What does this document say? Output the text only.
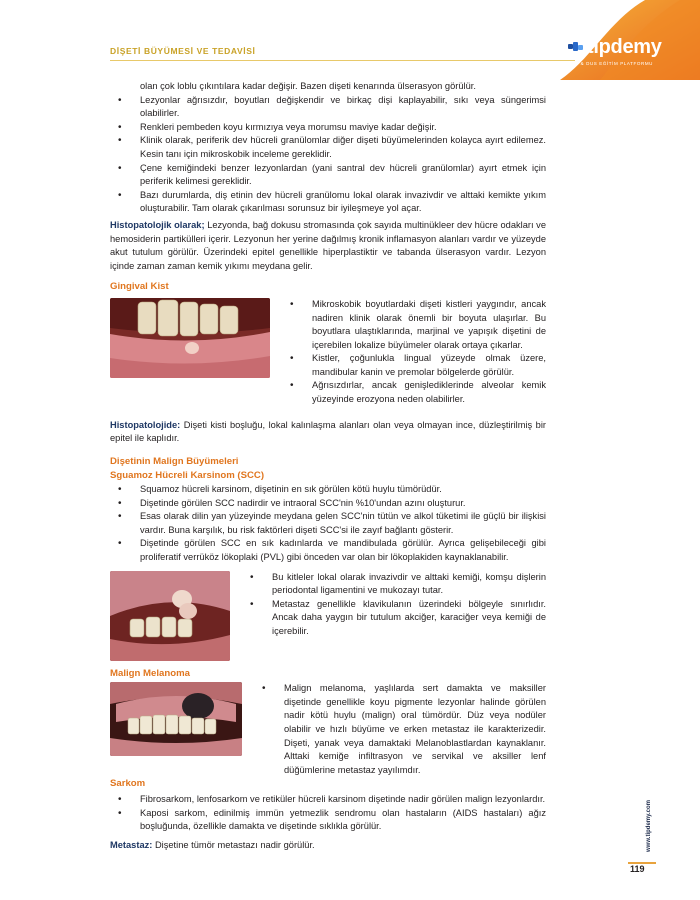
tıpdemy
TUS & DUS EĞİTİM PLATFORMU
DİŞETİ BÜYÜMESİ VE TEDAVİSİ

olan çok loblu çıkıntılara kadar değişir. Bazen dişeti kenarında ülserasyon görülür.

• Lezyonlar ağrısızdır, boyutları değişkendir ve birkaç dişi kaplayabilir, sıkı veya süngerimsi olabilirler.
• Renkleri pembeden koyu kırmızıya veya morumsu maviye kadar değişir.
• Klinik olarak, periferik dev hücreli granülomlar diğer dişeti büyümelerinden kolayca ayırt edilemez. Kesin tanı için mikroskobik inceleme gereklidir.
• Çene kemiğindeki benzer lezyonlardan (yani santral dev hücreli granülomlar) ayırt etmek için periferik kelimesi gereklidir.
• Bazı durumlarda, diş etinin dev hücreli granülomu lokal olarak invazivdir ve alttaki kemikte yıkım oluşturabilir. Tam olarak çıkarılması sorunsuz bir iyileşmeye yol açar.

Histopatolojik olarak; Lezyonda, bağ dokusu stromasında çok sayıda multinükleer dev hücre odakları ve hemosiderin partikülleri içerir. Lezyonun her yerine dağılmış kronik inflamasyon alanları vardır ve yüzeyde akut tutulum görülür. Üzerindeki epitel genellikle hiperplastiktir ve tabanda ülserasyon vardır. Lezyon içinde zaman zaman kemik yıkımı meydana gelir.

Gingival Kist
• Mikroskobik boyutlardaki dişeti kistleri yaygındır, ancak nadiren klinik olarak önemli bir boyuta ulaşırlar. Bu boyutlara ulaştıklarında, marjinal ve yapışık dişetini de içerebilen lokalize büyümeler olarak ortaya çıkarlar.
• Kistler, çoğunlukla lingual yüzeyde olmak üzere, mandibular kanin ve premolar bölgelerde görülür.
• Ağrısızdırlar, ancak genişlediklerinde alveolar kemik yüzeyinde erozyona neden olabilirler.

Histopatolojide: Dişeti kisti boşluğu, lokal kalınlaşma alanları olan veya olmayan ince, düzleştirilmiş bir epitel ile kaplıdır.

Dişetinin Malign Büyümeleri
Sguamoz Hücreli Karsinom (SCC)
• Squamoz hücreli karsinom, dişetinin en sık görülen kötü huylu tümörüdür.
• Dişetinde görülen SCC nadirdir ve intraoral SCC'nin %10'undan azını oluşturur.
• Esas olarak dilin yan yüzeyinde meydana gelen SCC'nin tütün ve alkol tüketimi ile güçlü bir ilişkisi vardır. Buna karşılık, bu risk faktörleri dişeti SCC'si ile zayıf bağlantı gösterir.
• Dişetinde görülen SCC en sık kadınlarda ve mandibulada görülür. Ayrıca gelişebileceği gibi proliferatif verrüköz lökoplaki (PVL) gibi önceden var olan bir lökoplakiden kaynaklanabilir.
• Bu kitleler lokal olarak invazivdir ve alttaki kemiği, komşu dişlerin periodontal ligamentini ve mukozayı tutar.
• Metastaz genellikle klavikulanın üzerindeki bölgeyle sınırlıdır. Ancak daha yaygın bir tutulum akciğer, karaciğer veya kemiği de içerebilir.
Malign Melanoma
• Malign melanoma, yaşlılarda sert damakta ve maksiller dişetinde genellikle koyu pigmente lezyonlar halinde görülen nadir kötü huylu (malign) oral tümördür. Düz veya nodüler olabilir ve hızlı büyüme ve erken metastaz ile karakterizedir. Dişeti, yanak veya damaktaki Melanoblastlardan kaynaklanır. Alttaki kemiğe infiltrasyon ve servikal ve aksiller lenf düğümlerine metastaz yayılımdır.
Sarkom
• Fibrosarkom, lenfosarkom ve retiküler hücreli karsinom dişetinde nadir görülen malign lezyonlardır.
• Kaposi sarkom, edinilmiş immün yetmezlik sendromu olan hastaların (AIDS hastaları) ağız boşluğunda, özellikle damakta ve dişetinde sıklıkla görülür.

Metastaz: Dişetine tümör metastazı nadir görülür.	www.tipdemy.com
119
